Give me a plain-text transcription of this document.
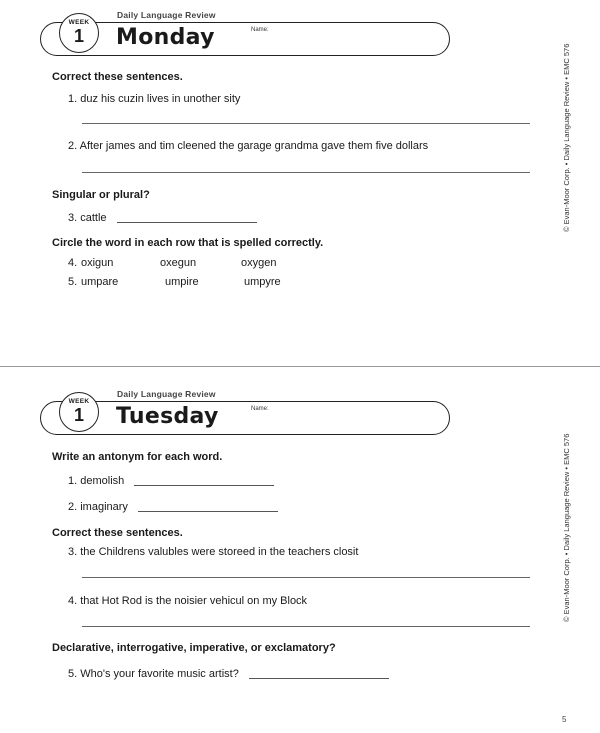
Daily Language Review
WEEK
1	Monday	Name:
Correct these sentences.
1. duz his cuzin lives in unother sity
2. After james and tim cleened the garage grandma gave them five dollars
Singular or plural?
3. cattle
Circle the word in each row that is spelled correctly.
4. oxigun	oxegun	oxygen
5. umpare	umpire	umpyre
© Evan-Moor Corp. • Daily Language Review • EMC 576
Daily Language Review
WEEK
1	Tuesday	Name:
Write an antonym for each word.
1. demolish
2. imaginary
Correct these sentences.
3. the Childrens valubles were storeed in the teachers closit
4. that Hot Rod is the noisier vehicul on my Block
Declarative, interrogative, imperative, or exclamatory?
5. Who's your favorite music artist?
© Evan-Moor Corp. • Daily Language Review • EMC 576
5
